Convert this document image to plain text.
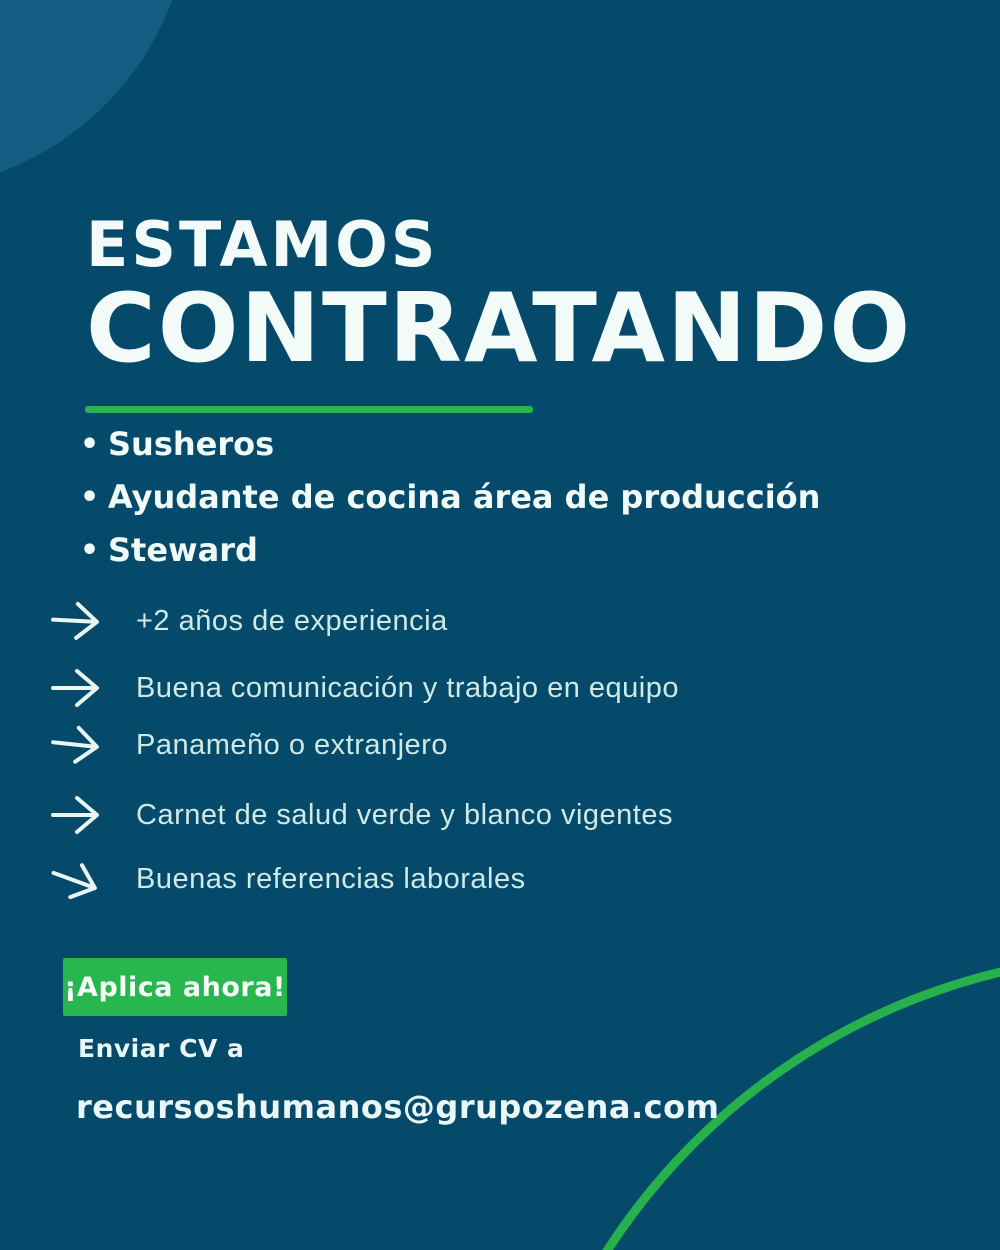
ESTAMOS
CONTRATANDO
• Susheros
• Ayudante de cocina área de producción
• Steward
+2 años de experiencia
Buena comunicación y trabajo en equipo
Panameño o extranjero
Carnet de salud verde y blanco vigentes
Buenas referencias laborales
¡Aplica ahora!
Enviar CV a
recursoshumanos@grupozena.com
